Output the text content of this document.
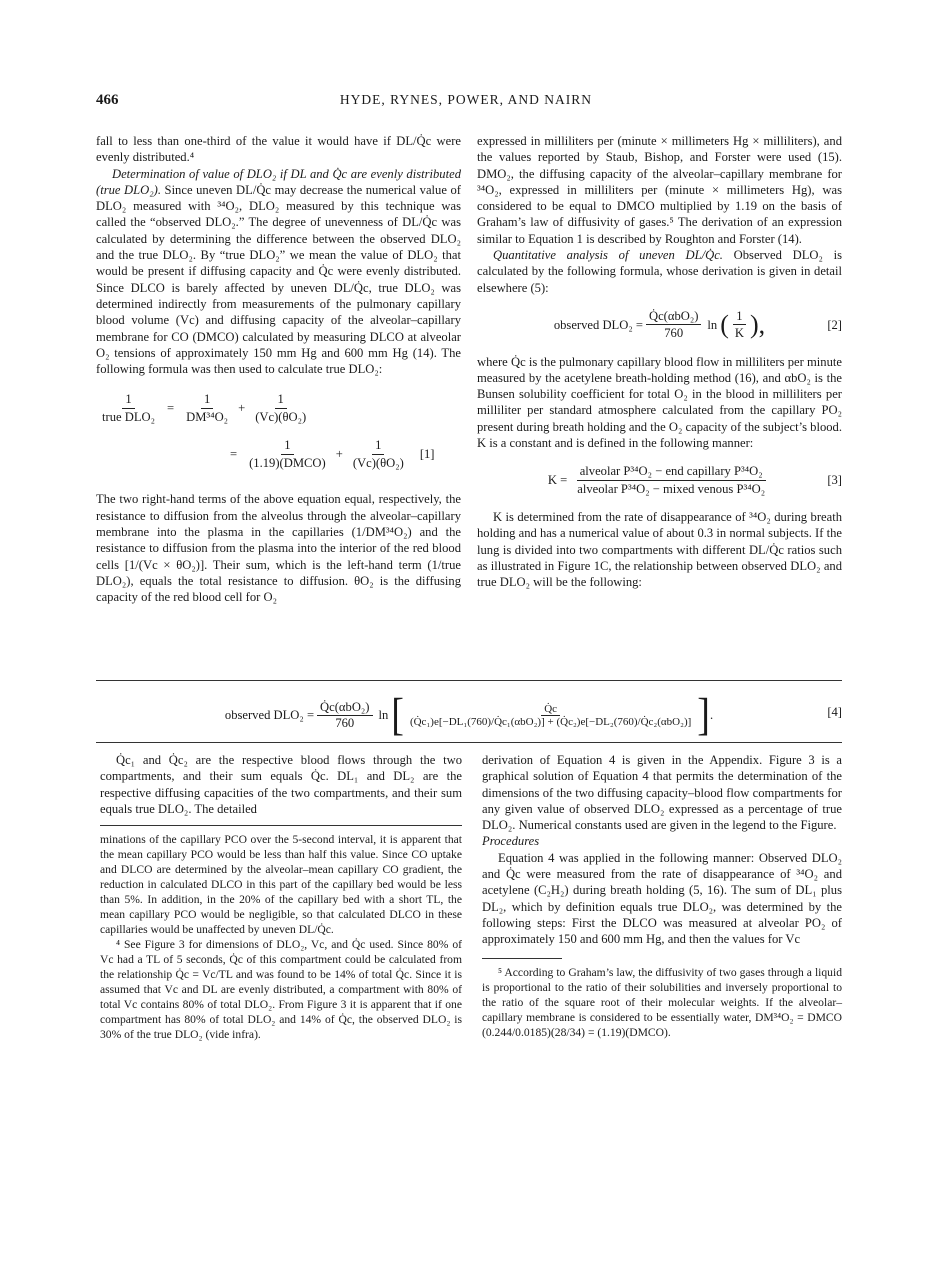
466	HYDE, RYNES, POWER, AND NAIRN

fall to less than one-third of the value it would have if DL/Q̇c were evenly distributed.⁴

Determination of value of DLO₂ if DL and Q̇c are evenly distributed (true DLO₂). Since uneven DL/Q̇c may decrease the numerical value of DLO₂ measured with ³⁴O₂, DLO₂ measured by this technique was called the “observed DLO₂.” The degree of unevenness of DL/Q̇c was calculated by determining the difference between the observed DLO₂ and the true DLO₂. By “true DLO₂” we mean the value of DLO₂ that would be present if diffusing capacity and Q̇c were evenly distributed. Since DLCO is barely affected by uneven DL/Q̇c, true DLO₂ was determined indirectly from measurements of the pulmonary capillary blood volume (Vc) and diffusing capacity of the alveolar–capillary membrane for CO (DMCO) calculated by measuring DLCO at alveolar O₂ tensions of approximately 150 mm Hg and 600 mm Hg (14). The following formula was then used to calculate true DLO₂:

1
true DLO₂
= $\frac{1}{\text{DM³⁴O₂}} + \frac{1}{\text{(Vc)(θO₂)}}$
=
1
(1.19)(DMCO)
+ $\frac{1}{\text{(Vc)(θO₂)}} [1]$

The two right-hand terms of the above equation equal, respectively, the resistance to diffusion from the alveolus through the alveolar–capillary membrane into the plasma in the capillaries (1/DM³⁴O₂) and the resistance to diffusion from the plasma into the interior of the red blood cells [1/(Vc × θO₂)]. Their sum, which is the left-hand term (1/true DLO₂), equals the total resistance to diffusion. θO₂ is the diffusing capacity of the red blood cell for O₂

expressed in milliliters per (minute × millimeters Hg × milliliters), and the values reported by Staub, Bishop, and Forster were used (15). DMO₂, the diffusing capacity of the alveolar–capillary membrane for ³⁴O₂, expressed in milliliters per (minute × millimeters Hg), was considered to be equal to DMCO multiplied by 1.19 on the basis of Graham’s law of diffusivity of gases.⁵ The derivation of an expression similar to Equation 1 is described by Roughton and Forster (14).

Quantitative analysis of uneven DL/Q̇c. Observed DLO₂ is calculated by the following formula, whose derivation is given in detail elsewhere (5):

observed DLO₂ =
Q̇c(αbO₂)
760
ln ( 1
K ),	[2]

where Q̇c is the pulmonary capillary blood flow in milliliters per minute measured by the acetylene breath-holding method (16), and αbO₂ is the Bunsen solubility coefficient for total O₂ in the blood in milliliters per milliliter per standard atmosphere calculated from the capillary PO₂ present during breath holding and the O₂ capacity of the subject’s blood. K is a constant and is defined in the following manner:

K =
alveolar P³⁴O₂ − end capillary P³⁴O₂
alveolar P³⁴O₂ − mixed venous P³⁴O₂
[3]

K is determined from the rate of disappearance of ³⁴O₂ during breath holding and has a numerical value of about 0.3 in normal subjects. If the lung is divided into two compartments with different DL/Q̇c ratios such as illustrated in Figure 1C, the relationship between observed DLO₂ and true DLO₂ will be the following:

observed DLO₂ =
Q̇c(αbO₂)
760
ln [	Q̇c
(Q̇c₁)e[−DL₁(760)/Q̇c₁(αbO₂)] + (Q̇c₂)e[−DL₂(760)/Q̇c₂(αbO₂)] ] .	[4]

Q̇c₁ and Q̇c₂ are the respective blood flows through the two compartments, and their sum equals Q̇c. DL₁ and DL₂ are the respective diffusing capacities of the two compartments, and their sum equals true DLO₂. The detailed

minations of the capillary PCO over the 5-second interval, it is apparent that the mean capillary PCO would be less than half this value. Since CO uptake and DLCO are determined by the alveolar–mean capillary CO gradient, the reduction in calculated DLCO in this part of the capillary bed would be less than 5%. In addition, in the 20% of the capillary bed with a short TL, the mean capillary PCO would be negligible, so that calculated DLCO in these capillaries would be unaffected by uneven DL/Q̇c.

⁴ See Figure 3 for dimensions of DLO₂, Vc, and Q̇c used. Since 80% of Vc had a TL of 5 seconds, Q̇c of this compartment could be calculated from the relationship Q̇c = Vc/TL and was found to be 14% of total Q̇c. Since it is assumed that Vc and DL are evenly distributed, a compartment with 80% of total Vc contains 80% of total DLO₂. From Figure 3 it is apparent that if one compartment has 80% of total DLO₂ and 14% of Q̇c, the observed DLO₂ is 30% of the true DLO₂ (vide infra).

derivation of Equation 4 is given in the Appendix. Figure 3 is a graphical solution of Equation 4 that permits the determination of the dimensions of the two diffusing capacity–blood flow compartments for any given value of observed DLO₂ expressed as a percentage of true DLO₂. Numerical constants used are given in the legend to the Figure.

Procedures

Equation 4 was applied in the following manner: Observed DLO₂ and Q̇c were measured from the rate of disappearance of ³⁴O₂ and acetylene (C₂H₂) during breath holding (5, 16). The sum of DL₁ plus DL₂, which by definition equals true DLO₂, was determined by the following steps: First the DLCO was measured at alveolar PO₂ of approximately 150 and 600 mm Hg, and then the values for Vc

⁵ According to Graham’s law, the diffusivity of two gases through a liquid is proportional to the ratio of their solubilities and inversely proportional to the ratio of the square root of their molecular weights. If the alveolar–capillary membrane is considered to be essentially water, DM³⁴O₂ = DMCO (0.244/0.0185)(28/34) = (1.19)(DMCO).
